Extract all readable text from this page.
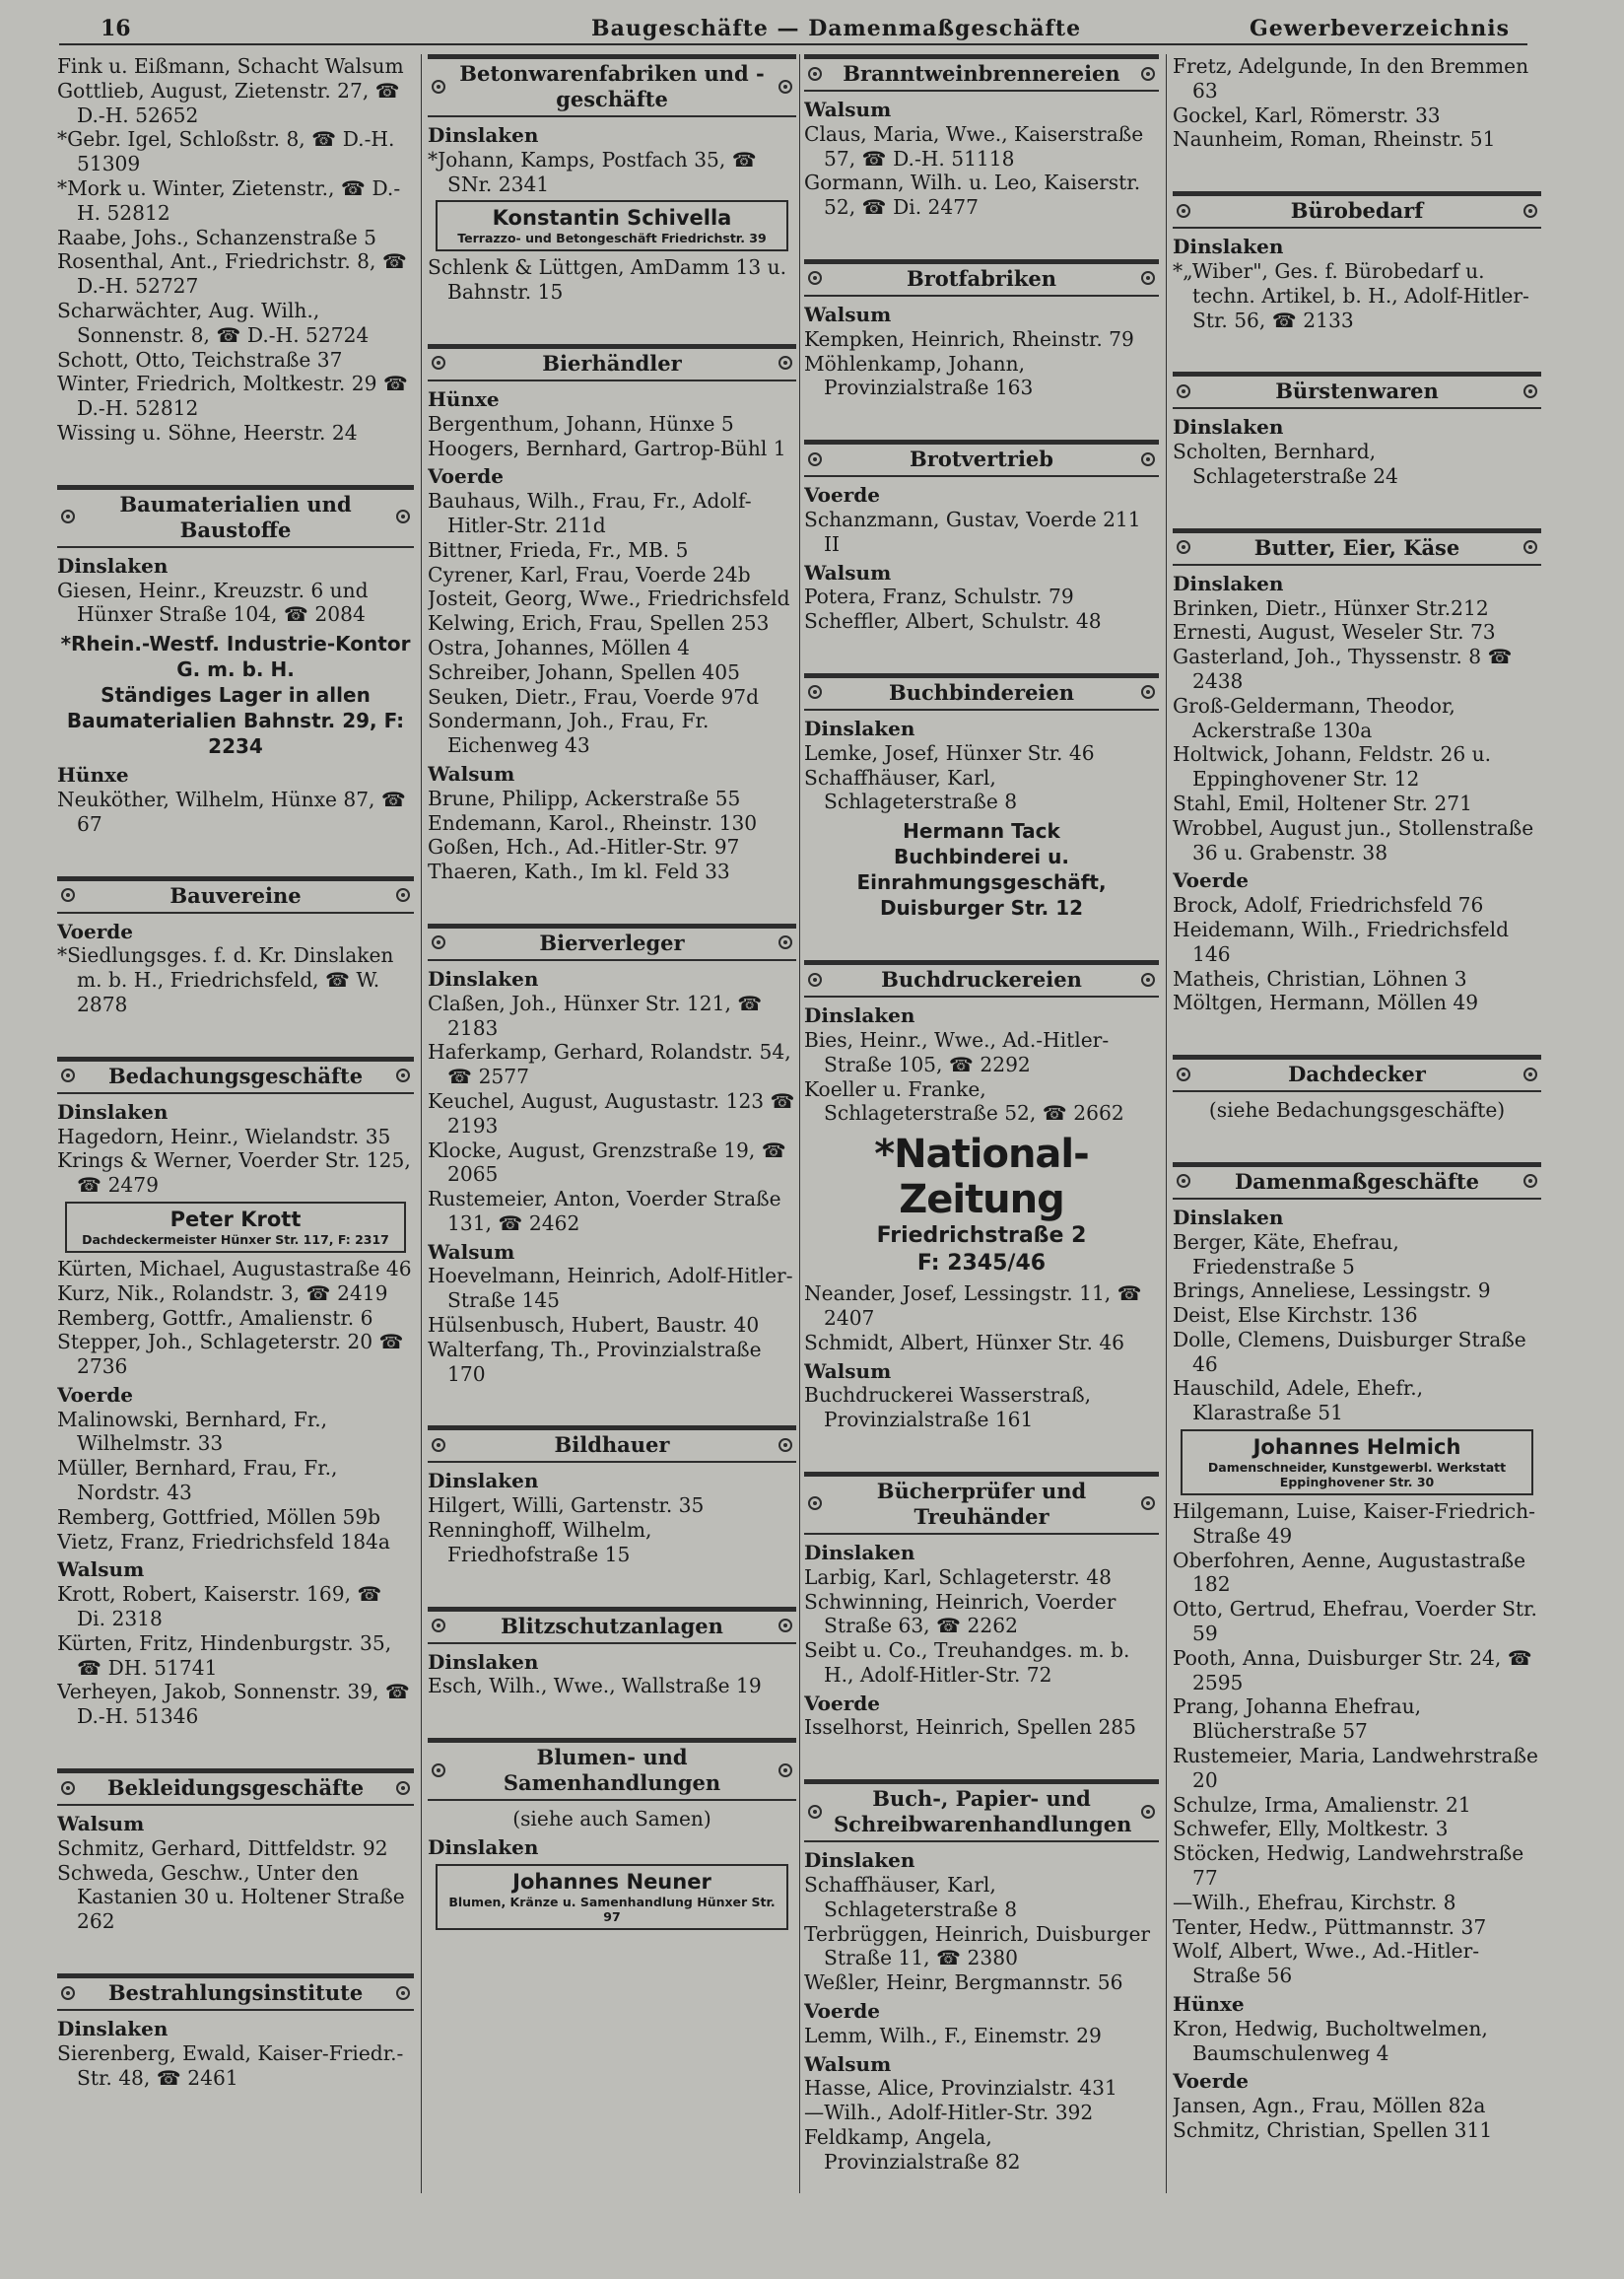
16	Baugeschäfte — Damenmaßgeschäfte	Gewerbeverzeichnis
Fink u. Eißmann, Schacht Walsum
Gottlieb, August, Zietenstr. 27, ☎ D.-H. 52652
*Gebr. Igel, Schloßstr. 8, ☎ D.-H. 51309
*Mork u. Winter, Zietenstr., ☎ D.-H. 52812
Raabe, Johs., Schanzenstraße 5
Rosenthal, Ant., Friedrichstr. 8, ☎ D.-H. 52727
Scharwächter, Aug. Wilh., Sonnenstr. 8, ☎ D.-H. 52724
Schott, Otto, Teichstraße 37
Winter, Friedrich, Moltkestr. 29 ☎ D.-H. 52812
Wissing u. Söhne, Heerstr. 24
Baumaterialien und Baustoffe
Dinslaken
Giesen, Heinr., Kreuzstr. 6 und Hünxer Straße 104, ☎ 2084
*Rhein.-Westf. Industrie-Kontor G. m. b. H.
Ständiges Lager in allen Baumaterialien Bahnstr. 29, F: 2234
Hünxe
Neuköther, Wilhelm, Hünxe 87, ☎ 67
Bauvereine
Voerde
*Siedlungsges. f. d. Kr. Dinslaken m. b. H., Friedrichsfeld, ☎ W. 2878
Bedachungsgeschäfte
Dinslaken
Hagedorn, Heinr., Wielandstr. 35
Krings & Werner, Voerder Str. 125, ☎ 2479
Peter Krott
Dachdeckermeister Hünxer Str. 117, F: 2317
Kürten, Michael, Augustastraße 46
Kurz, Nik., Rolandstr. 3, ☎ 2419
Remberg, Gottfr., Amalienstr. 6
Stepper, Joh., Schlageterstr. 20 ☎ 2736
Voerde
Malinowski, Bernhard, Fr., Wilhelmstr. 33
Müller, Bernhard, Frau, Fr., Nordstr. 43
Remberg, Gottfried, Möllen 59b
Vietz, Franz, Friedrichsfeld 184a
Walsum
Krott, Robert, Kaiserstr. 169, ☎ Di. 2318
Kürten, Fritz, Hindenburgstr. 35, ☎ DH. 51741
Verheyen, Jakob, Sonnenstr. 39, ☎ D.-H. 51346
Bekleidungsgeschäfte
Walsum
Schmitz, Gerhard, Dittfeldstr. 92
Schweda, Geschw., Unter den Kastanien 30 u. Holtener Straße 262
Bestrahlungsinstitute
Dinslaken
Sierenberg, Ewald, Kaiser-Friedr.-Str. 48, ☎ 2461
Betonwarenfabriken und -geschäfte
Dinslaken
*Johann, Kamps, Postfach 35, ☎ SNr. 2341
Konstantin Schivella
Terrazzo- und Betongeschäft Friedrichstr. 39
Schlenk & Lüttgen, AmDamm 13 u. Bahnstr. 15
Bierhändler
Hünxe
Bergenthum, Johann, Hünxe 5
Hoogers, Bernhard, Gartrop-Bühl 1
Voerde
Bauhaus, Wilh., Frau, Fr., Adolf-Hitler-Str. 211d
Bittner, Frieda, Fr., MB. 5
Cyrener, Karl, Frau, Voerde 24b
Josteit, Georg, Wwe., Friedrichsfeld
Kelwing, Erich, Frau, Spellen 253
Ostra, Johannes, Möllen 4
Schreiber, Johann, Spellen 405
Seuken, Dietr., Frau, Voerde 97d
Sondermann, Joh., Frau, Fr. Eichenweg 43
Walsum
Brune, Philipp, Ackerstraße 55
Endemann, Karol., Rheinstr. 130
Goßen, Hch., Ad.-Hitler-Str. 97
Thaeren, Kath., Im kl. Feld 33
Bierverleger
Dinslaken
Claßen, Joh., Hünxer Str. 121, ☎ 2183
Haferkamp, Gerhard, Rolandstr. 54, ☎ 2577
Keuchel, August, Augustastr. 123 ☎ 2193
Klocke, August, Grenzstraße 19, ☎ 2065
Rustemeier, Anton, Voerder Straße 131, ☎ 2462
Walsum
Hoevelmann, Heinrich, Adolf-Hitler-Straße 145
Hülsenbusch, Hubert, Baustr. 40
Walterfang, Th., Provinzialstraße 170
Bildhauer
Dinslaken
Hilgert, Willi, Gartenstr. 35
Renninghoff, Wilhelm, Friedhofstraße 15
Blitzschutzanlagen
Dinslaken
Esch, Wilh., Wwe., Wallstraße 19
Blumen- und Samenhandlungen
(siehe auch Samen)
Dinslaken
Johannes Neuner
Blumen, Kränze u. Samenhandlung Hünxer Str. 97
Branntweinbrennereien
Walsum
Claus, Maria, Wwe., Kaiserstraße 57, ☎ D.-H. 51118
Gormann, Wilh. u. Leo, Kaiserstr. 52, ☎ Di. 2477
Brotfabriken
Walsum
Kempken, Heinrich, Rheinstr. 79
Möhlenkamp, Johann, Provinzialstraße 163
Brotvertrieb
Voerde
Schanzmann, Gustav, Voerde 211 II
Walsum
Potera, Franz, Schulstr. 79
Scheffler, Albert, Schulstr. 48
Buchbindereien
Dinslaken
Lemke, Josef, Hünxer Str. 46
Schaffhäuser, Karl, Schlageterstraße 8
Hermann Tack
Buchbinderei u. Einrahmungsgeschäft, Duisburger Str. 12
Buchdruckereien
Dinslaken
Bies, Heinr., Wwe., Ad.-Hitler-Straße 105, ☎ 2292
Koeller u. Franke, Schlageterstraße 52, ☎ 2662
*National-Zeitung
Friedrichstraße 2
F: 2345/46
Neander, Josef, Lessingstr. 11, ☎ 2407
Schmidt, Albert, Hünxer Str. 46
Walsum
Buchdruckerei Wasserstraß, Provinzialstraße 161
Bücherprüfer und Treuhänder
Dinslaken
Larbig, Karl, Schlageterstr. 48
Schwinning, Heinrich, Voerder Straße 63, ☎ 2262
Seibt u. Co., Treuhandges. m. b. H., Adolf-Hitler-Str. 72
Voerde
Isselhorst, Heinrich, Spellen 285
Buch-, Papier- und Schreibwarenhandlungen
Dinslaken
Schaffhäuser, Karl, Schlageterstraße 8
Terbrüggen, Heinrich, Duisburger Straße 11, ☎ 2380
Weßler, Heinr, Bergmannstr. 56
Voerde
Lemm, Wilh., F., Einemstr. 29
Walsum
Hasse, Alice, Provinzialstr. 431
—Wilh., Adolf-Hitler-Str. 392
Feldkamp, Angela, Provinzialstraße 82
Fretz, Adelgunde, In den Bremmen 63
Gockel, Karl, Römerstr. 33
Naunheim, Roman, Rheinstr. 51
Bürobedarf
Dinslaken
*„Wiber", Ges. f. Bürobedarf u. techn. Artikel, b. H., Adolf-Hitler-Str. 56, ☎ 2133
Bürstenwaren
Dinslaken
Scholten, Bernhard, Schlageterstraße 24
Butter, Eier, Käse
Dinslaken
Brinken, Dietr., Hünxer Str.212
Ernesti, August, Weseler Str. 73
Gasterland, Joh., Thyssenstr. 8 ☎ 2438
Groß-Geldermann, Theodor, Ackerstraße 130a
Holtwick, Johann, Feldstr. 26 u. Eppinghovener Str. 12
Stahl, Emil, Holtener Str. 271
Wrobbel, August jun., Stollenstraße 36 u. Grabenstr. 38
Voerde
Brock, Adolf, Friedrichsfeld 76
Heidemann, Wilh., Friedrichsfeld 146
Matheis, Christian, Löhnen 3
Möltgen, Hermann, Möllen 49
Dachdecker
(siehe Bedachungsgeschäfte)
Damenmaßgeschäfte
Dinslaken
Berger, Käte, Ehefrau, Friedenstraße 5
Brings, Anneliese, Lessingstr. 9
Deist, Else Kirchstr. 136
Dolle, Clemens, Duisburger Straße 46
Hauschild, Adele, Ehefr., Klarastraße 51
Johannes Helmich
Damenschneider, Kunstgewerbl. Werkstatt Eppinghovener Str. 30
Hilgemann, Luise, Kaiser-Friedrich-Straße 49
Oberfohren, Aenne, Augustastraße 182
Otto, Gertrud, Ehefrau, Voerder Str. 59
Pooth, Anna, Duisburger Str. 24, ☎ 2595
Prang, Johanna Ehefrau, Blücherstraße 57
Rustemeier, Maria, Landwehrstraße 20
Schulze, Irma, Amalienstr. 21
Schwefer, Elly, Moltkestr. 3
Stöcken, Hedwig, Landwehrstraße 77
—Wilh., Ehefrau, Kirchstr. 8
Tenter, Hedw., Püttmannstr. 37
Wolf, Albert, Wwe., Ad.-Hitler-Straße 56
Hünxe
Kron, Hedwig, Bucholtwelmen, Baumschulenweg 4
Voerde
Jansen, Agn., Frau, Möllen 82a
Schmitz, Christian, Spellen 311
